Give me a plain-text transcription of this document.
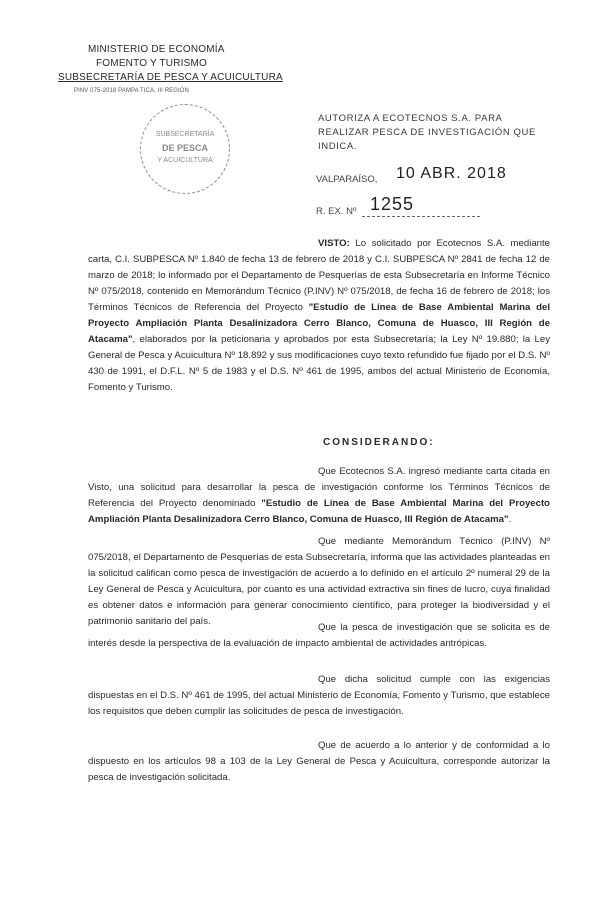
MINISTERIO DE ECONOMÍA
FOMENTO Y TURISMO
SUBSECRETARÍA DE PESCA Y ACUICULTURA
PINV 075-2018 PAMPA TICA, III REGIÓN
SUBSECRETARÍA
DE PESCA
Y ACUICULTURA
AUTORIZA A ECOTECNOS S.A. PARA REALIZAR PESCA DE INVESTIGACIÓN QUE INDICA.
VALPARAÍSO, 10 ABR. 2018
R. EX. Nº 1255
VISTO: Lo solicitado por Ecotecnos S.A. mediante carta, C.I. SUBPESCA Nº 1.840 de fecha 13 de febrero de 2018 y C.I. SUBPESCA Nº 2841 de fecha 12 de marzo de 2018; lo informado por el Departamento de Pesquerías de esta Subsecretaría en Informe Técnico Nº 075/2018, contenido en Memorándum Técnico (P.INV) Nº 075/2018, de fecha 16 de febrero de 2018; los Términos Técnicos de Referencia del Proyecto "Estudio de Línea de Base Ambiental Marina del Proyecto Ampliación Planta Desalinizadora Cerro Blanco, Comuna de Huasco, III Región de Atacama", elaborados por la peticionaria y aprobados por esta Subsecretaría; la Ley Nº 19.880; la Ley General de Pesca y Acuicultura Nº 18.892 y sus modificaciones cuyo texto refundido fue fijado por el D.S. Nº 430 de 1991, el D.F.L. Nº 5 de 1983 y el D.S. Nº 461 de 1995, ambos del actual Ministerio de Economía, Fomento y Turismo.
CONSIDERANDO:
Que Ecotecnos S.A. ingresó mediante carta citada en Visto, una solicitud para desarrollar la pesca de investigación conforme los Términos Técnicos de Referencia del Proyecto denominado "Estudio de Línea de Base Ambiental Marina del Proyecto Ampliación Planta Desalinizadora Cerro Blanco, Comuna de Huasco, III Región de Atacama".
Que mediante Memorándum Técnico (P.INV) Nº 075/2018, el Departamento de Pesquerías de esta Subsecretaría, informa que las actividades planteadas en la solicitud califican como pesca de investigación de acuerdo a lo definido en el artículo 2º numeral 29 de la Ley General de Pesca y Acuicultura, por cuanto es una actividad extractiva sin fines de lucro, cuya finalidad es obtener datos e información para generar conocimiento científico, para proteger la biodiversidad y el patrimonio sanitario del país.
Que la pesca de investigación que se solicita es de interés desde la perspectiva de la evaluación de impacto ambiental de actividades antrópicas.
Que dicha solicitud cumple con las exigencias dispuestas en el D.S. Nº 461 de 1995, del actual Ministerio de Economía, Fomento y Turismo, que establece los requisitos que deben cumplir las solicitudes de pesca de investigación.
Que de acuerdo a lo anterior y de conformidad a lo dispuesto en los artículos 98 a 103 de la Ley General de Pesca y Acuicultura, corresponde autorizar la pesca de investigación solicitada.
